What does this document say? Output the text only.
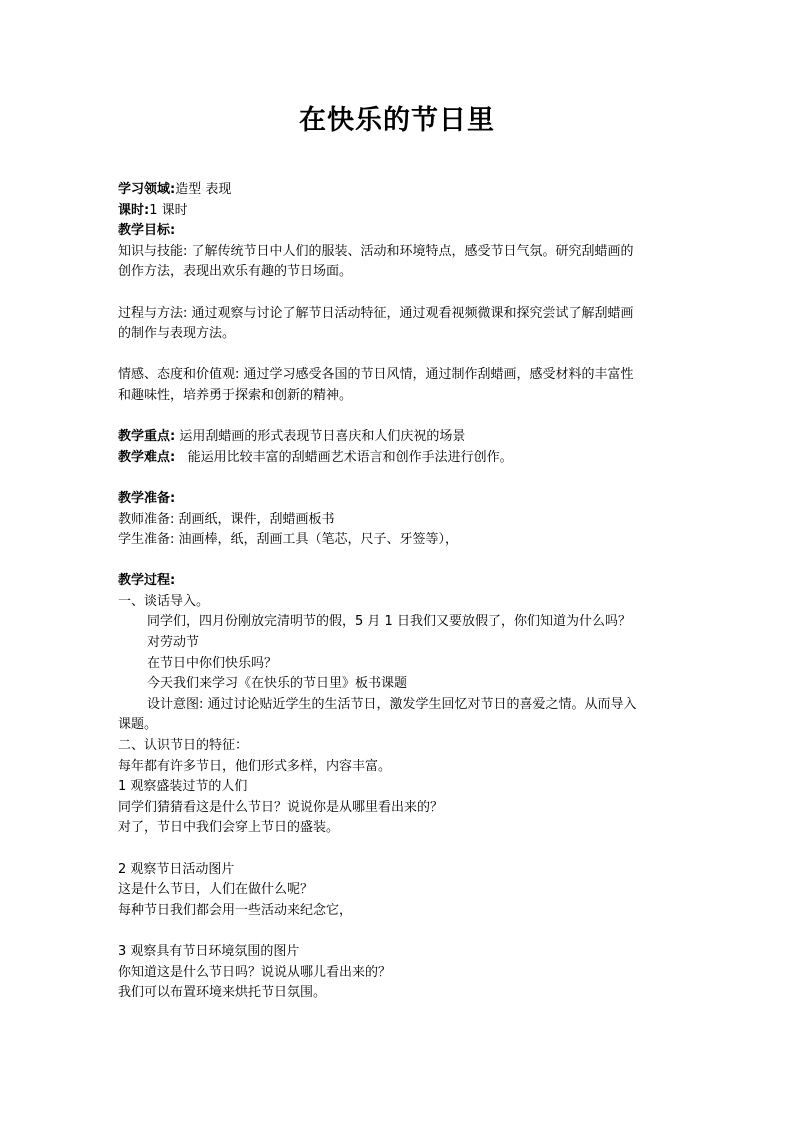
在快乐的节日里

学习领域:造型 表现

课时:1 课时

教学目标:

知识与技能: 了解传统节日中人们的服装、活动和环境特点，感受节日气氛。研究刮蜡画的

创作方法，表现出欢乐有趣的节日场面。

过程与方法: 通过观察与讨论了解节日活动特征，通过观看视频微课和探究尝试了解刮蜡画

的制作与表现方法。

情感、态度和价值观: 通过学习感受各国的节日风情，通过制作刮蜡画，感受材料的丰富性

和趣味性，培养勇于探索和创新的精神。

教学重点: 运用刮蜡画的形式表现节日喜庆和人们庆祝的场景

教学难点:   能运用比较丰富的刮蜡画艺术语言和创作手法进行创作。

教学准备:

教师准备: 刮画纸，课件，刮蜡画板书

学生准备: 油画棒，纸，刮画工具（笔芯，尺子、牙签等），

教学过程:

一、谈话导入。

同学们，四月份刚放完清明节的假，5 月 1 日我们又要放假了，你们知道为什么吗？

对劳动节

在节日中你们快乐吗？

今天我们来学习《在快乐的节日里》板书课题

设计意图: 通过讨论贴近学生的生活节日，激发学生回忆对节日的喜爱之情。从而导入

课题。

二、认识节日的特征：

每年都有许多节日，他们形式多样，内容丰富。

1 观察盛装过节的人们

同学们猜猜看这是什么节日？说说你是从哪里看出来的？

对了，节日中我们会穿上节日的盛装。

2 观察节日活动图片

这是什么节日，人们在做什么呢？

每种节日我们都会用一些活动来纪念它，

3 观察具有节日环境氛围的图片

你知道这是什么节日吗？说说从哪儿看出来的？

我们可以布置环境来烘托节日氛围。
